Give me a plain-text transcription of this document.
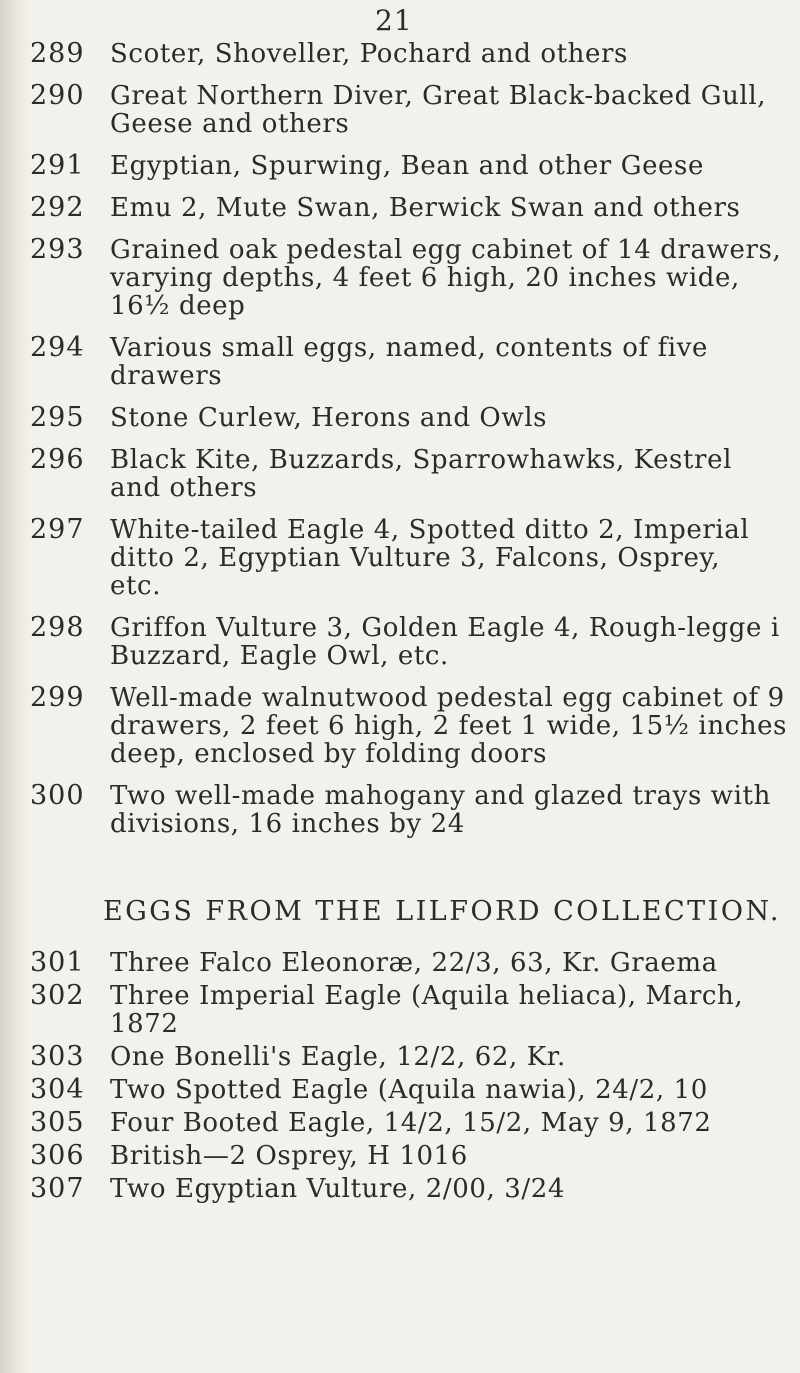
21
289 Scoter, Shoveller, Pochard and others
290 Great Northern Diver, Great Black-backed Gull,
Geese and others
291 Egyptian, Spurwing, Bean and other Geese
292 Emu 2, Mute Swan, Berwick Swan and others
293 Grained oak pedestal egg cabinet of 14 drawers,
varying depths, 4 feet 6 high, 20 inches wide,
16½ deep
294 Various small eggs, named, contents of five
drawers
295 Stone Curlew, Herons and Owls
296 Black Kite, Buzzards, Sparrowhawks, Kestrel
and others
297 White-tailed Eagle 4, Spotted ditto 2, Imperial
ditto 2, Egyptian Vulture 3, Falcons, Osprey,
etc.
298 Griffon Vulture 3, Golden Eagle 4, Rough-legge i
Buzzard, Eagle Owl, etc.
299 Well-made walnutwood pedestal egg cabinet of 9
drawers, 2 feet 6 high, 2 feet 1 wide, 15½ inches
deep, enclosed by folding doors
300 Two well-made mahogany and glazed trays with
divisions, 16 inches by 24
EGGS FROM THE LILFORD COLLECTION.
301 Three Falco Eleonoræ, 22/3, 63, Kr. Graema
302 Three Imperial Eagle (Aquila heliaca), March, 1872
303 One Bonelli's Eagle, 12/2, 62, Kr.
304 Two Spotted Eagle (Aquila nawia), 24/2, 10
305 Four Booted Eagle, 14/2, 15/2, May 9, 1872
306 British—2 Osprey, H 1016
307 Two Egyptian Vulture, 2/00, 3/24
